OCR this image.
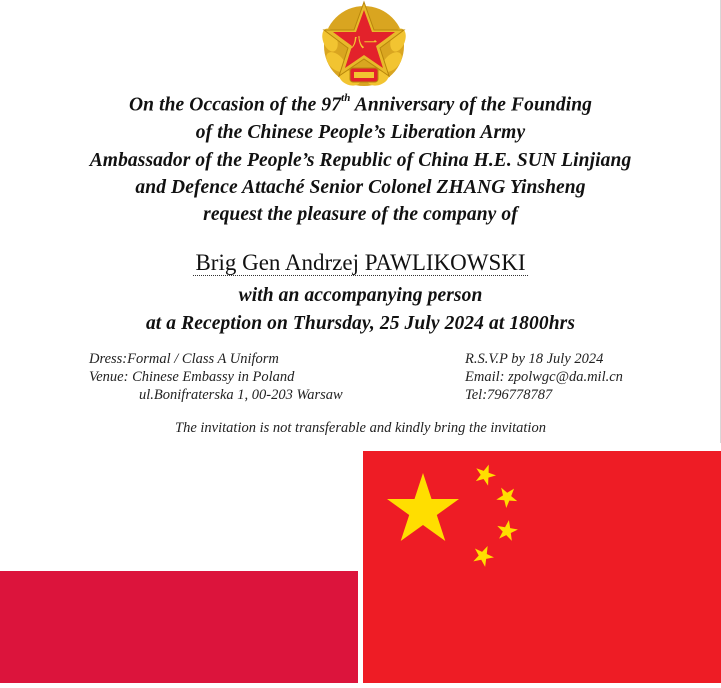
八一
On the Occasion of the 97th Anniversary of the Founding
of the Chinese People’s Liberation Army
Ambassador of the People’s Republic of China H.E. SUN Linjiang
and Defence Attaché Senior Colonel ZHANG Yinsheng
request the pleasure of the company of
Brig Gen Andrzej PAWLIKOWSKI
with an accompanying person
at a Reception on Thursday, 25 July 2024 at 1800hrs
Dress:Formal / Class A Uniform
Venue: Chinese Embassy in Poland
ul.Bonifraterska 1, 00-203 Warsaw
R.S.V.P by 18 July 2024
Email: zpolwgc@da.mil.cn
Tel:796778787
The invitation is not transferable and kindly bring the invitation
